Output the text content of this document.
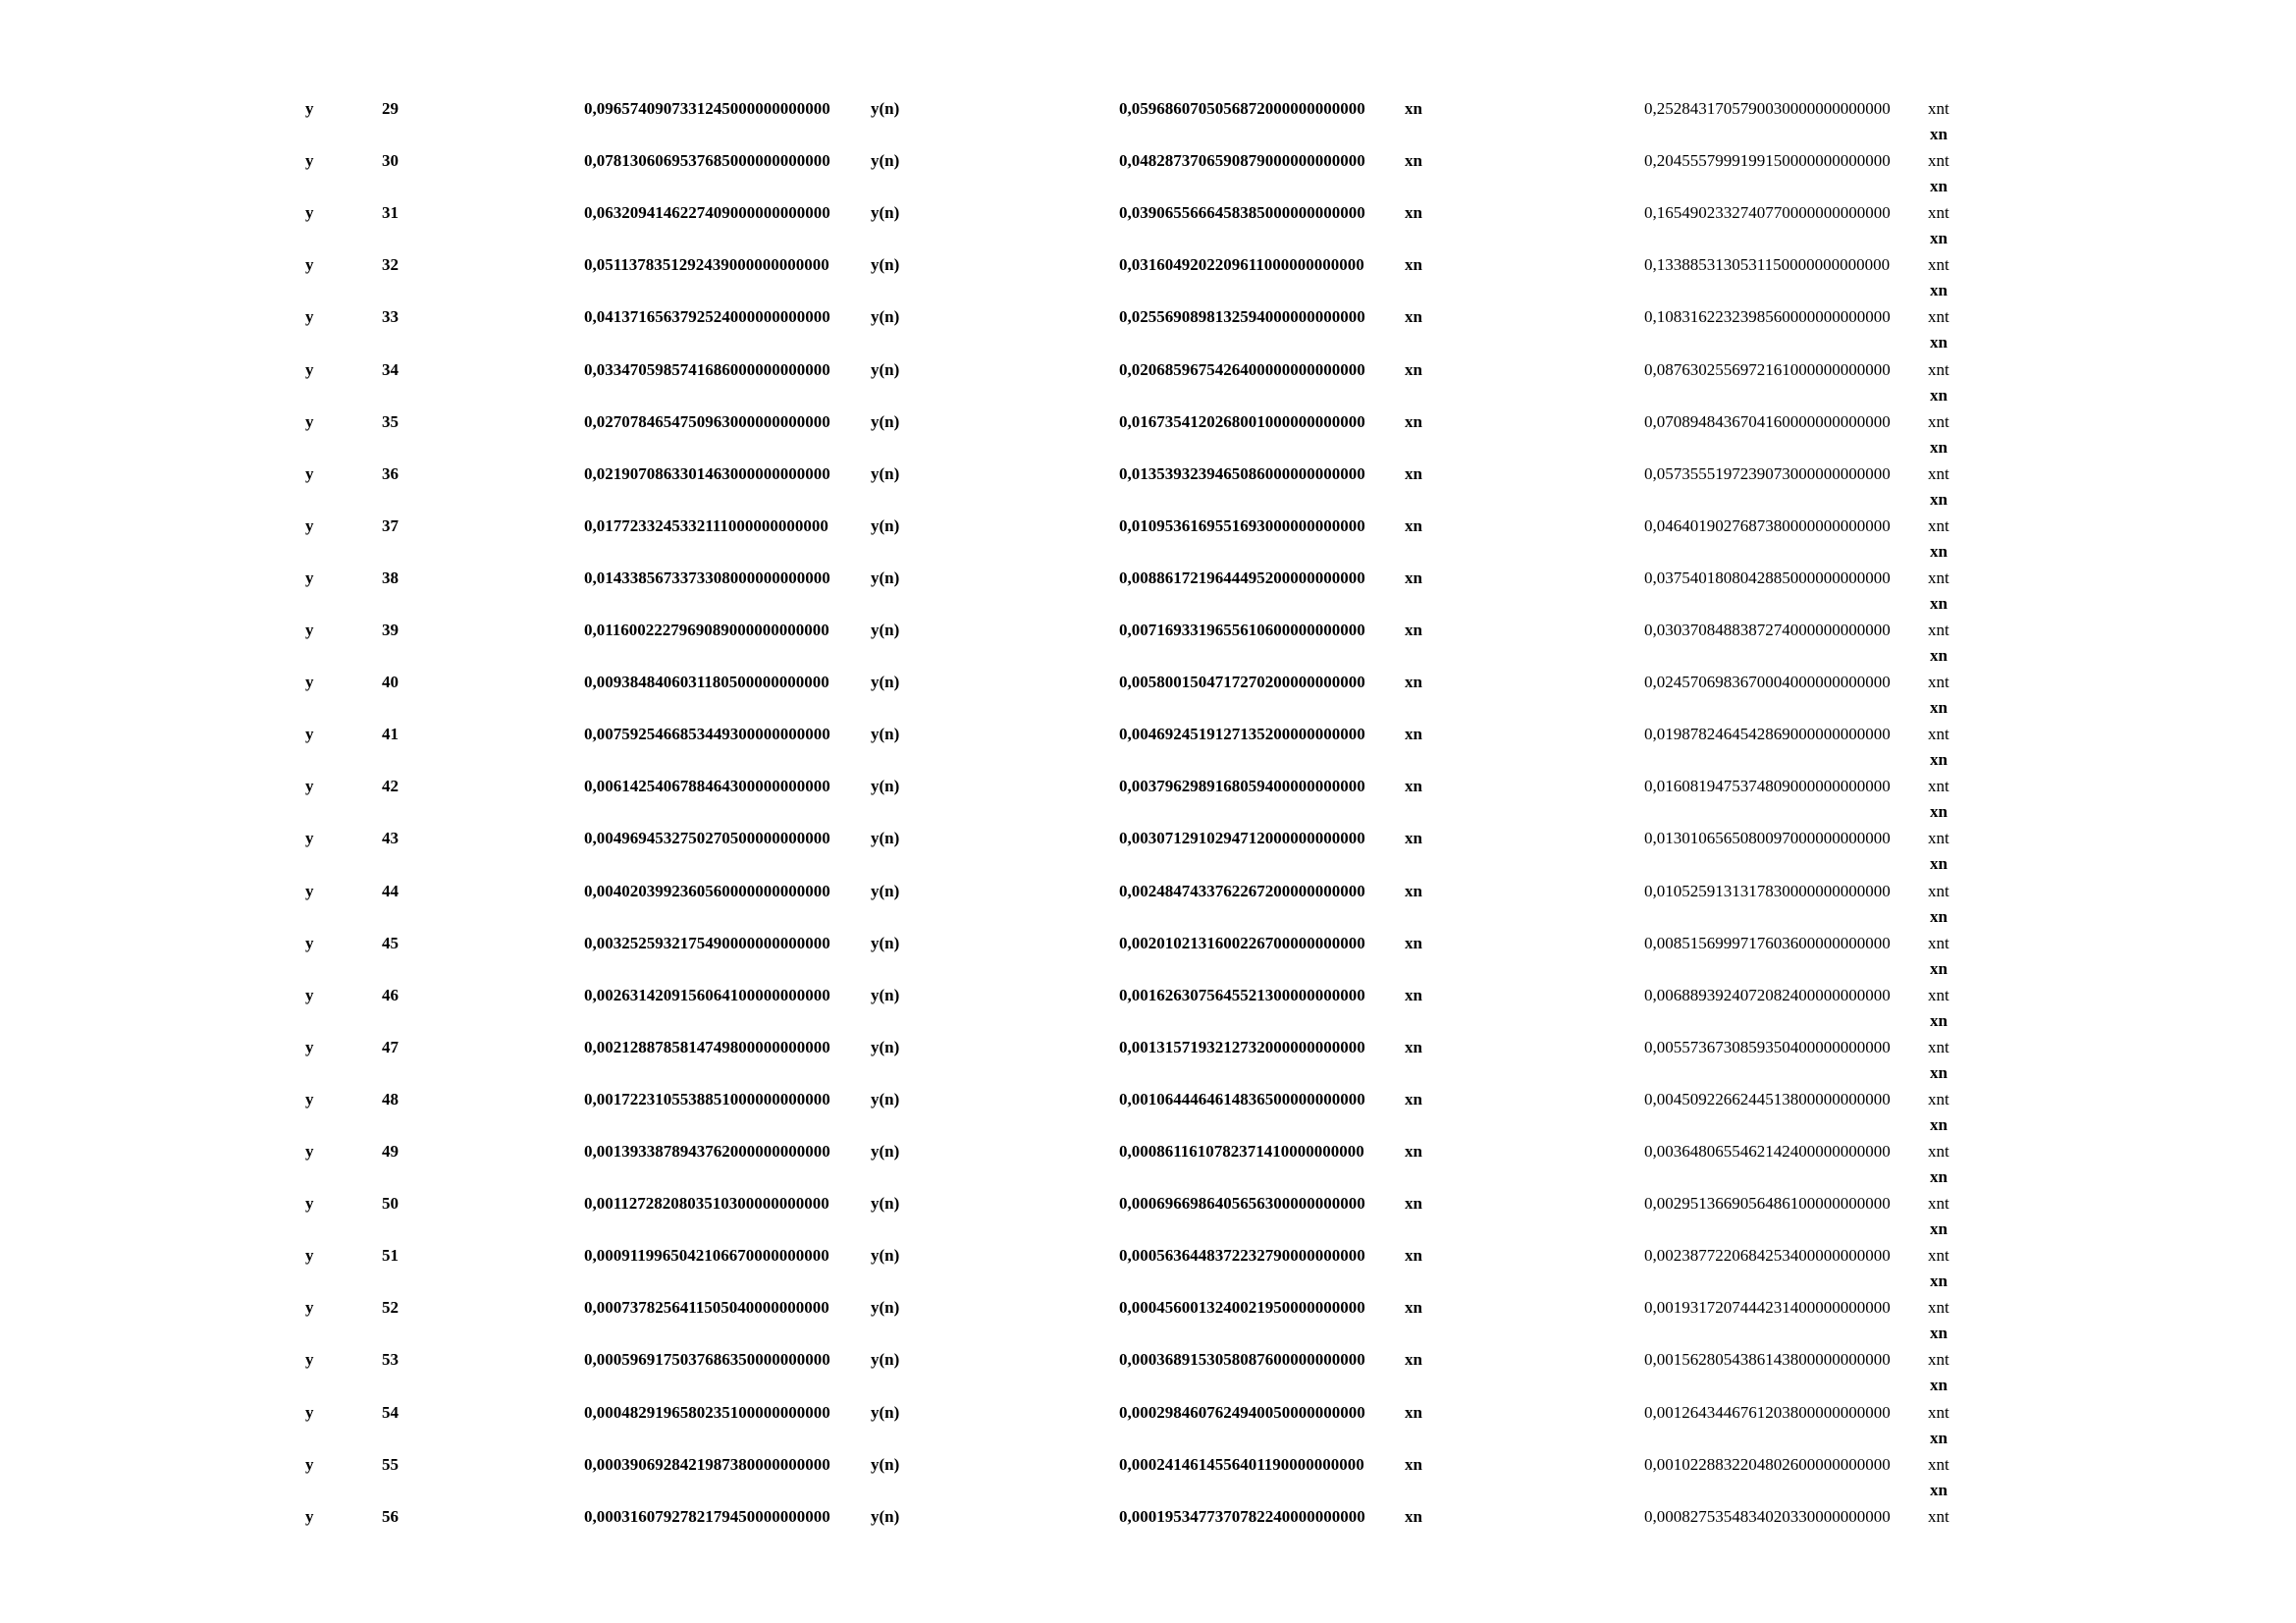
y	29	0,0965740907331245000000000000 y(n)	0,0596860705056872000000000000 xn	0,2528431705790030000000000000 xnt
xn
y	30	0,0781306069537685000000000000 y(n)	0,0482873706590879000000000000 xn	0,2045557999199150000000000000 xnt
xn
y	31	0,0632094146227409000000000000 y(n)	0,0390655666458385000000000000 xn	0,1654902332740770000000000000 xnt
xn
y	32	0,0511378351292439000000000000 y(n)	0,0316049202209611000000000000 xn	0,1338853130531150000000000000 xnt
xn
y	33	0,0413716563792524000000000000 y(n)	0,0255690898132594000000000000 xn	0,1083162232398560000000000000 xnt
xn
y	34	0,0334705985741686000000000000 y(n)	0,0206859675426400000000000000 xn	0,0876302556972161000000000000 xnt
xn
y	35	0,0270784654750963000000000000 y(n)	0,0167354120268001000000000000 xn	0,0708948436704160000000000000 xnt
xn
y	36	0,0219070863301463000000000000 y(n)	0,0135393239465086000000000000 xn	0,0573555197239073000000000000 xnt
xn
y	37	0,0177233245332111000000000000	y(n)	0,0109536169551693000000000000 xn	0,0464019027687380000000000000 xnt
xn
y	38	0,0143385673373308000000000000 y(n)	0,0088617219644495200000000000 xn	0,0375401808042885000000000000 xnt
xn
y	39	0,0116002227969089000000000000 y(n)	0,0071693319655610600000000000 xn	0,0303708488387274000000000000 xnt
xn
y	40	0,0093848406031180500000000000 y(n)	0,0058001504717270200000000000 xn	0,0245706983670004000000000000 xnt
xn
y	41	0,0075925466853449300000000000 y(n)	0,0046924519127135200000000000 xn	0,0198782464542869000000000000 xnt
xn
y	42	0,0061425406788464300000000000 y(n)	0,0037962989168059400000000000 xn	0,0160819475374809000000000000 xnt
xn
y	43	0,0049694532750270500000000000 y(n)	0,0030712910294712000000000000 xn	0,0130106565080097000000000000 xnt
xn
y	44	0,0040203992360560000000000000 y(n)	0,0024847433762267200000000000 xn	0,0105259131317830000000000000 xnt
xn
y	45	0,0032525932175490000000000000 y(n)	0,0020102131600226700000000000 xn	0,0085156999717603600000000000 xnt
xn
y	46	0,0026314209156064100000000000 y(n)	0,0016263075645521300000000000 xn	0,0068893924072082400000000000 xnt
xn
y	47	0,0021288785814749800000000000 y(n)	0,0013157193212732000000000000 xn	0,0055736730859350400000000000 xnt
xn
y	48	0,0017223105538851000000000000 y(n)	0,0010644464614836500000000000 xn	0,0045092266244513800000000000 xnt
xn
y	49	0,0013933878943762000000000000 y(n)	0,0008611610782371410000000000 xn	0,0036480655462142400000000000 xnt
xn
y	50	0,0011272820803510300000000000 y(n)	0,0006966986405656300000000000 xn	0,0029513669056486100000000000 xnt
xn
y	51	0,0009119965042106670000000000 y(n)	0,0005636448372232790000000000 xn	0,0023877220684253400000000000 xnt
xn
y	52	0,0007378256411505040000000000 y(n)	0,0004560013240021950000000000 xn	0,0019317207444231400000000000 xnt
xn
y	53	0,0005969175037686350000000000 y(n)	0,0003689153058087600000000000 xn	0,0015628054386143800000000000 xnt
xn
y	54	0,0004829196580235100000000000 y(n)	0,0002984607624940050000000000 xn	0,0012643446761203800000000000 xnt
xn
y	55	0,0003906928421987380000000000 y(n)	0,0002414614556401190000000000 xn	0,0010228832204802600000000000 xnt
xn
y	56	0,0003160792782179450000000000 y(n)	0,0001953477370782240000000000 xn	0,0008275354834020330000000000 xnt
